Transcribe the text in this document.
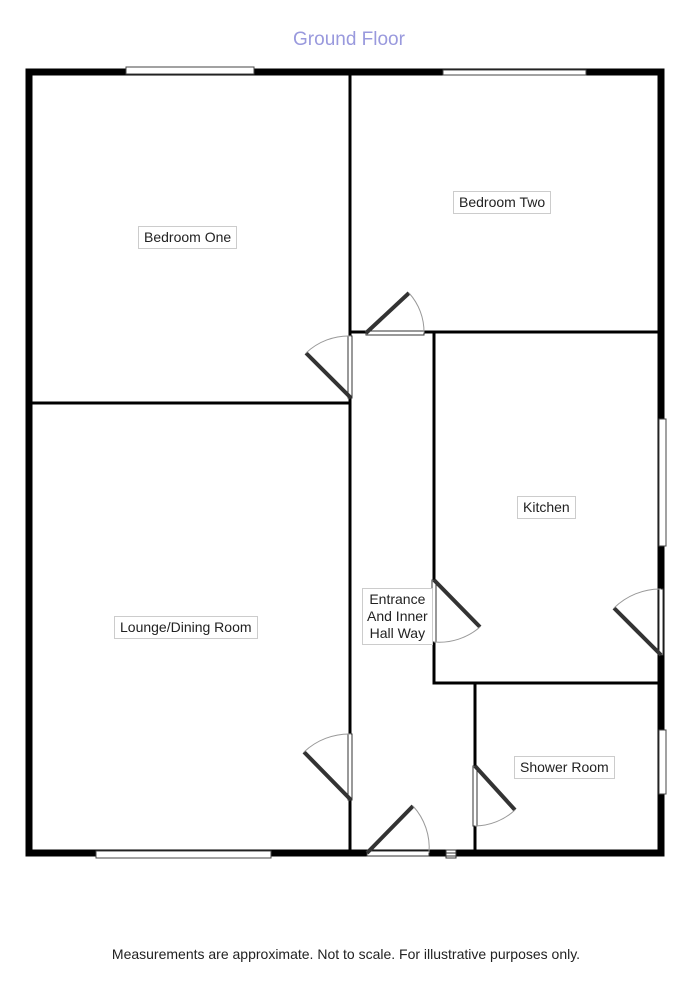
Ground Floor
Bedroom One
Bedroom Two
Kitchen
Lounge/Dining Room
Shower Room
Entrance
And Inner
Hall Way
Measurements are approximate. Not to scale. For illustrative purposes only.
